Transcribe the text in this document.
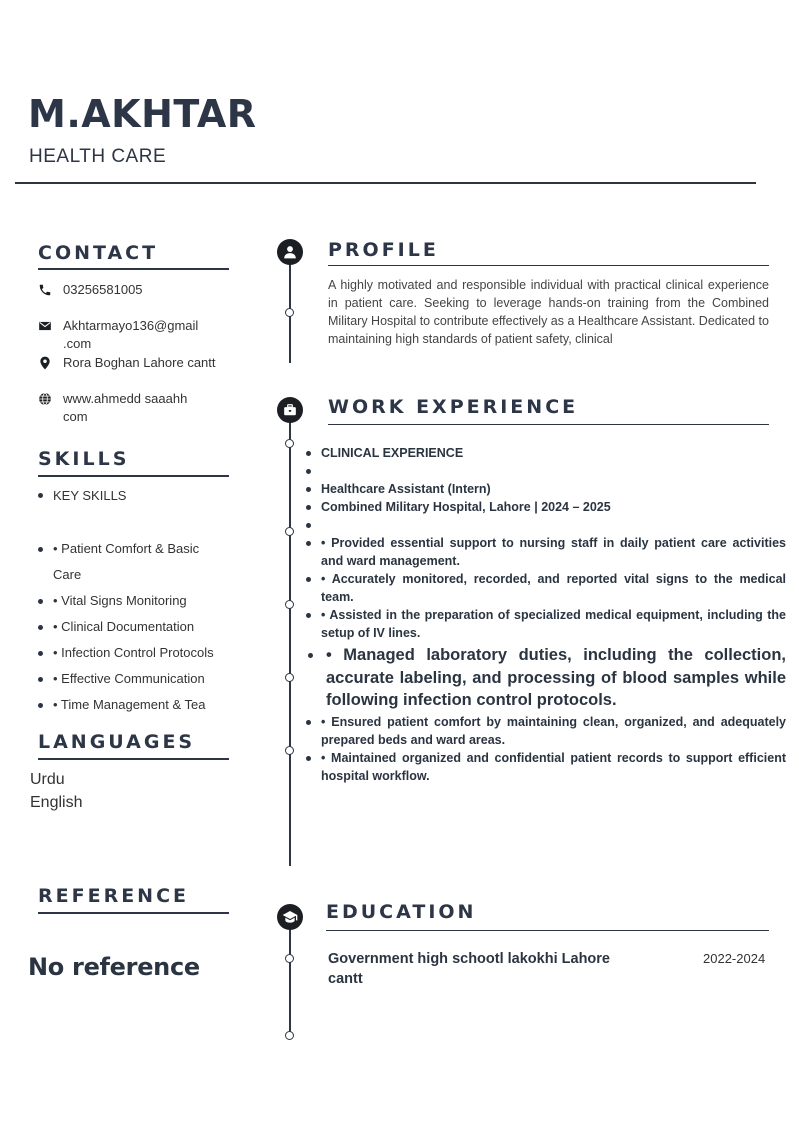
M.AKHTAR

HEALTH CARE

CONTACT
03256581005
Akhtarmayo136@gmail
.com
Rora Boghan Lahore cantt
www.ahmedd saaahh
com
SKILLS
KEY SKILLS
• Patient Comfort & Basic
Care
• Vital Signs Monitoring
• Clinical Documentation
• Infection Control Protocols
• Effective Communication
• Time Management & Tea
LANGUAGES
Urdu
English
REFERENCE
No reference
PROFILE

A highly motivated and responsible individual with practical clinical experience in patient care. Seeking to leverage hands-on training from the Combined Military Hospital to contribute effectively as a Healthcare Assistant. Dedicated to maintaining high standards of patient safety, clinical

WORK EXPERIENCE
CLINICAL EXPERIENCE
Healthcare Assistant (Intern)
Combined Military Hospital, Lahore | 2024 – 2025
• Provided essential support to nursing staff in daily patient care activities and ward management.
• Accurately monitored, recorded, and reported vital signs to the medical team.
• Assisted in the preparation of specialized medical equipment, including the setup of IV lines.
• Managed laboratory duties, including the collection, accurate labeling, and processing of blood samples while following infection control protocols.
• Ensured patient comfort by maintaining clean, organized, and adequately prepared beds and ward areas.
• Maintained organized and confidential patient records to support efficient hospital workflow.
EDUCATION

Government high schootl lakokhi Lahore cantt

2022-2024
